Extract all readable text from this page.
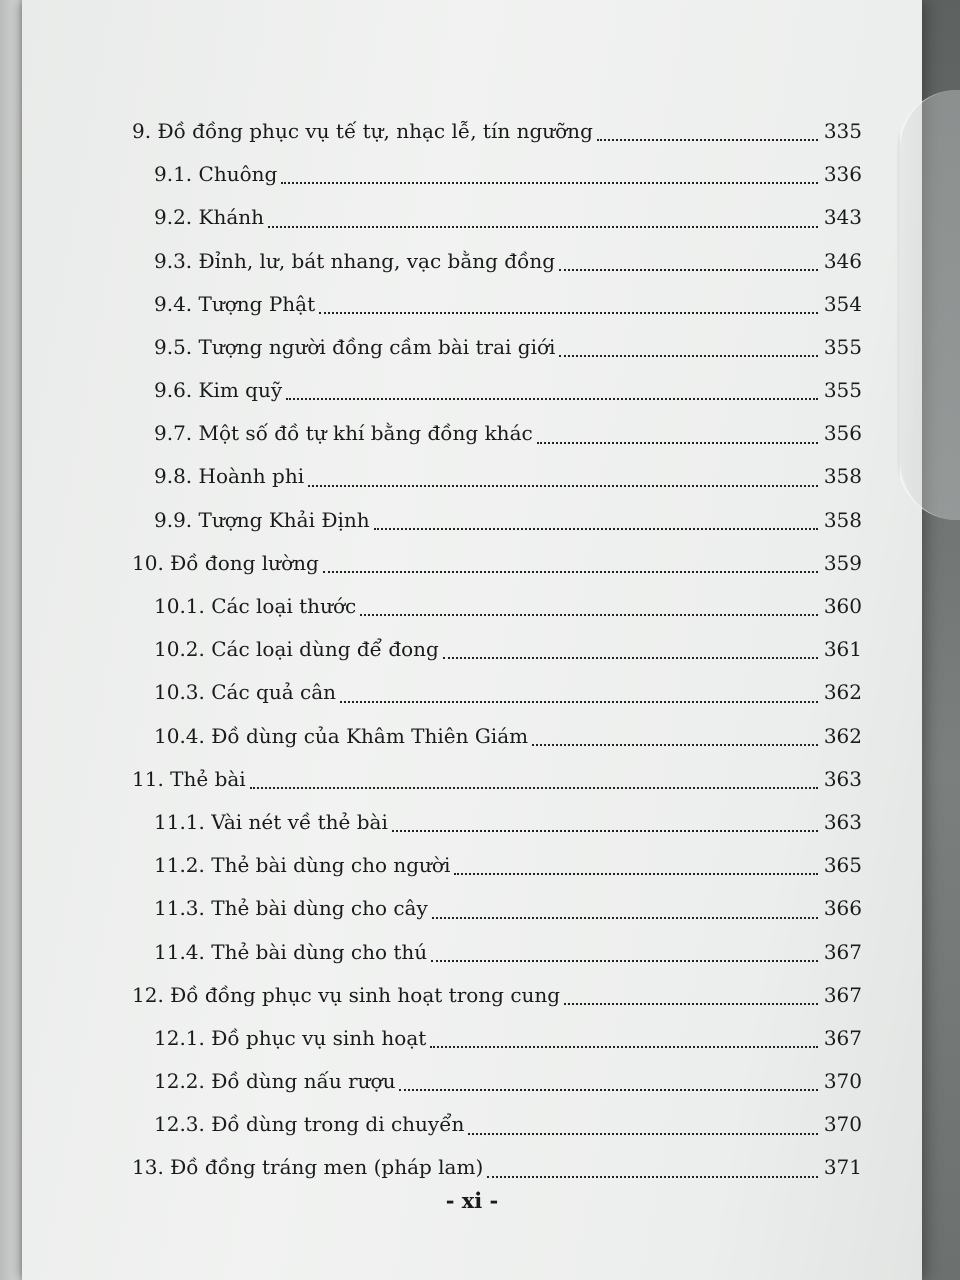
9. Đồ đồng phục vụ tế tự, nhạc lễ, tín ngưỡng	335
9.1. Chuông	336
9.2. Khánh	343
9.3. Đỉnh, lư, bát nhang, vạc bằng đồng	346
9.4. Tượng Phật	354
9.5. Tượng người đồng cầm bài trai giới	355
9.6. Kim quỹ	355
9.7. Một số đồ tự khí bằng đồng khác	356
9.8. Hoành phi	358
9.9. Tượng Khải Định	358
10. Đồ đong lường	359
10.1. Các loại thước	360
10.2. Các loại dùng để đong	361
10.3. Các quả cân	362
10.4. Đồ dùng của Khâm Thiên Giám	362
11. Thẻ bài	363
11.1. Vài nét về thẻ bài	363
11.2. Thẻ bài dùng cho người	365
11.3. Thẻ bài dùng cho cây	366
11.4. Thẻ bài dùng cho thú	367
12. Đồ đồng phục vụ sinh hoạt trong cung	367
12.1. Đồ phục vụ sinh hoạt	367
12.2. Đồ dùng nấu rượu	370
12.3. Đồ dùng trong di chuyển	370
13. Đồ đồng tráng men (pháp lam)	371
- xi -
